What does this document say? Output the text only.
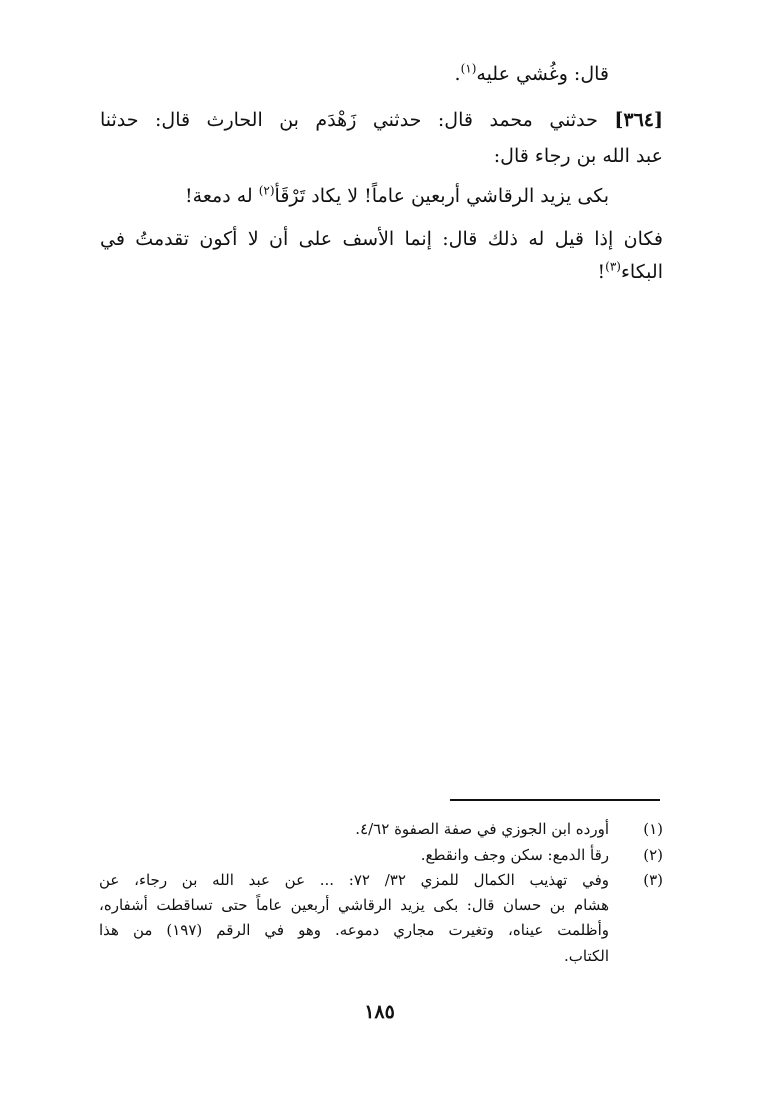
قال: وغُشي عليه$^{(١)}$.
[٣٦٤] حدثني محمد قال: حدثني زَهْدَم بن الحارث قال: حدثنا
عبد الله بن رجاء قال:
بكى يزيد الرقاشي أربعين عاماً! لا يكاد تَرْقَأ$^{(٢)}$ له دمعة!
فكان إذا قيل له ذلك قال: إنما الأسف على أن لا أكون تقدمتُ في
البكاء$^{(٣)}$!
(١)
أورده ابن الجوزي في صفة الصفوة ٤/٦٢.
(٢)
رقأ الدمع: سكن وجف وانقطع.
(٣)
وفي تهذيب الكمال للمزي ٣٢/ ٧٢: ... عن عبد الله بن رجاء، عن
هشام بن حسان قال: بكى يزيد الرقاشي أربعين عاماً حتى تساقطت أشفاره،
وأظلمت عيناه، وتغيرت مجاري دموعه. وهو في الرقم (١٩٧) من هذا
الكتاب.
١٨٥
